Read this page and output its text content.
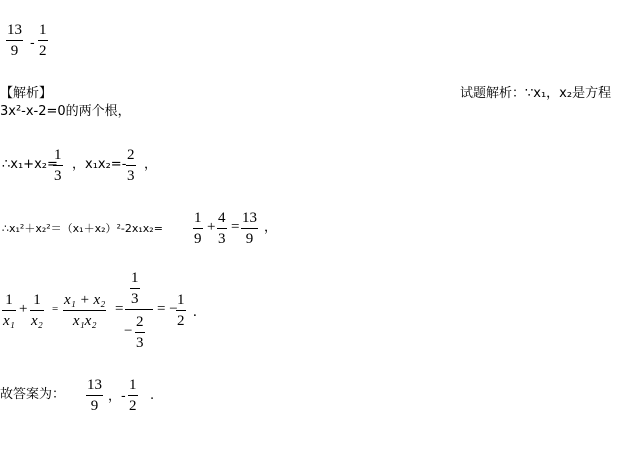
13
9 -
1
2
【解析】	试题解析：∵x₁，x₂是方程
3x²-x-2=0的两个根，
∴x₁+x₂=
1
3
，x₁x₂=-
2
3
，
∴x₁²＋x₂²＝（x₁＋x₂）²-2x₁x₂=
1
9
+
4
3
=
13
9
，
1
x₁
+
1
x₂
=
x₁ + x₂
x₁x₂
=
1
3
−
2
3
= −
1
2
.
故答案为：
13
9
，-
1
2
.
